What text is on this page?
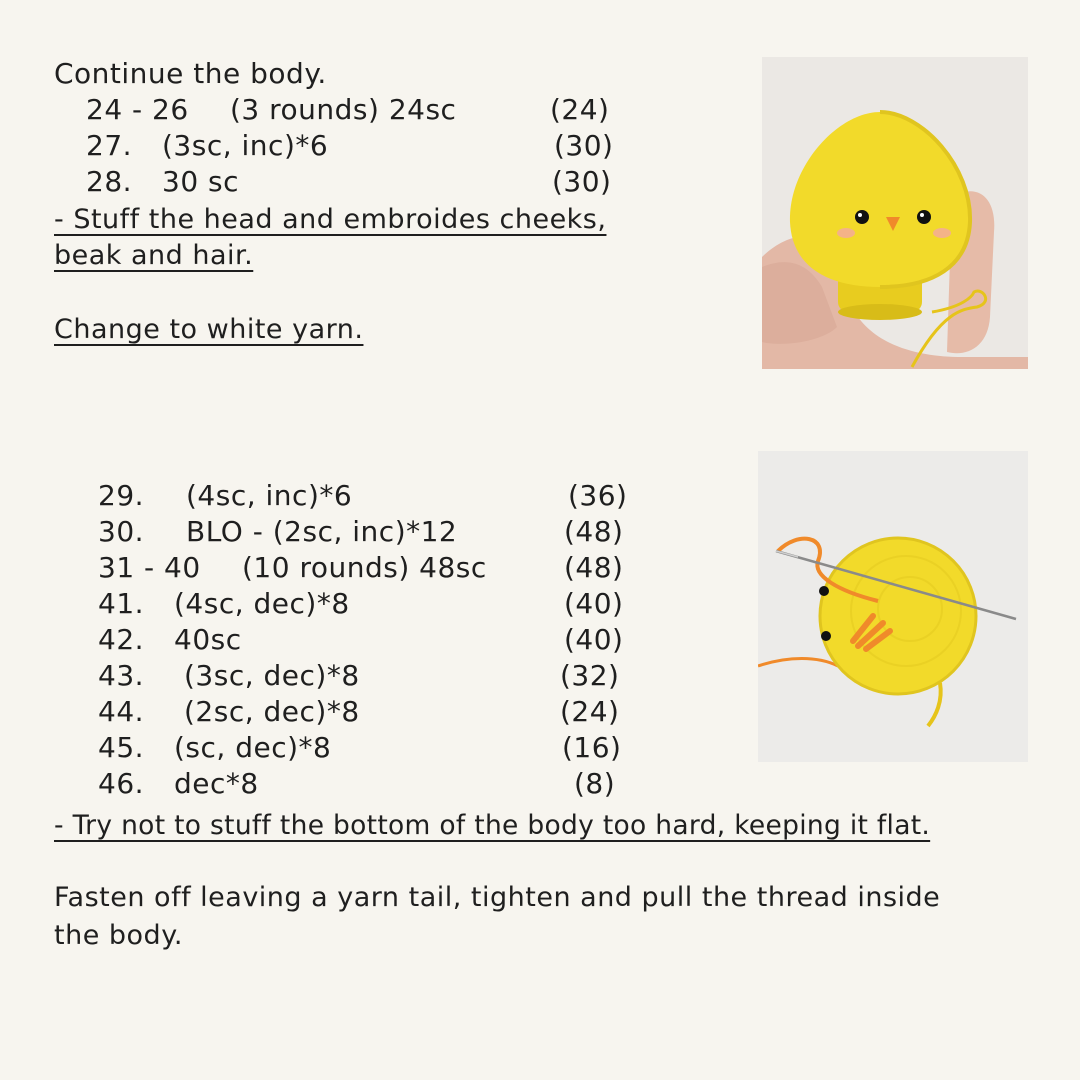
Continue the body.
24 - 26 (3 rounds) 24sc	(24)
27. (3sc, inc)*6	(30)
28. 30 sc	(30)
- Stuff the head and embroides cheeks,
beak and hair.
Change to white yarn.
29. (4sc, inc)*6	(36)
30. BLO - (2sc, inc)*12	(48)
31 - 40 (10 rounds) 48sc	(48)
41. (4sc, dec)*8	(40)
42. 40sc	(40)
43. (3sc, dec)*8	(32)
44. (2sc, dec)*8	(24)
45. (sc, dec)*8	(16)
46. dec*8	(8)
- Try not to stuff the bottom of the body too hard, keeping it flat.
Fasten off leaving a yarn tail, tighten and pull the thread inside
the body.
